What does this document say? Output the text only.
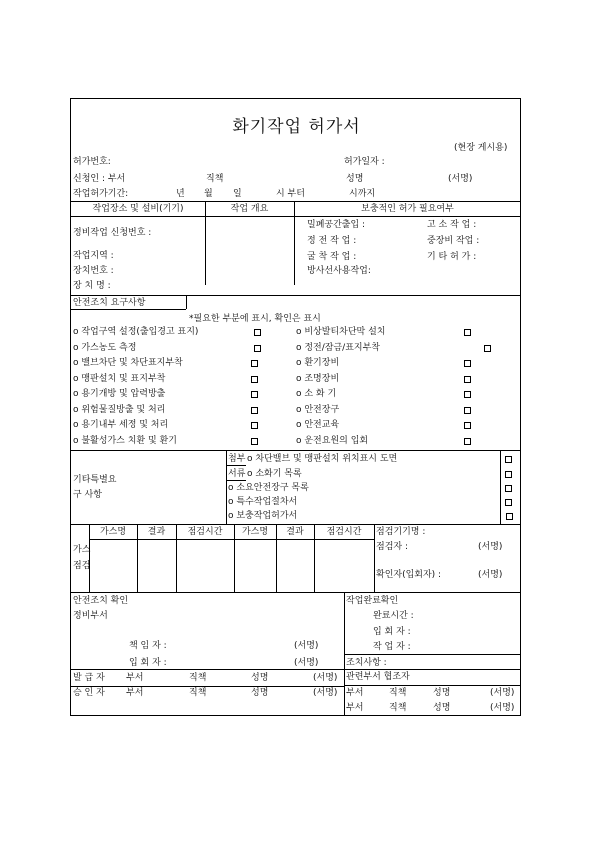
화기작업 허가서
(현장 게시용)
허가번호:	허가일자 :
신청인 : 부서	직책	성명	(서명)
작업허가기간:	년 월 일	시 부터	시까지
작업장소 및 설비(기기)	작업 개요	보충적인 허가 필요여부
정비작업 신청번호 :
작업지역 :
장치번호 :
장 치 명 :
밀폐공간출입 :
정 전 작 업 :
굴 착 작 업 :
방사선사용작업:
고 소 작 업 :
중장비 작업 :
기 타 허 가 :
안전조치 요구사항
*필요한 부분에 표시, 확인은 표시
o 작업구역 설정(출입경고 표지)	o 비상발티차단막 설치
o 가스농도 측정	o 정전/잠금/표지부착
o 밸브차단 및 차단표지부착	o 환기장비
o 맹판설치 및 표지부착	o 조명장비
o 용기개방 및 압력방출	o 소 화 기
o 위험물질방출 및 처리	o 안전장구
o 용기내부 세정 및 처리	o 안전교육
o 불활성가스 치환 및 환기	o 운전요원의 입회
기타특별요
구 사항
첨부
서류
o 차단밸브 및 맹판설치 위치표시 도면
o 소화기 목록
o 소요안전장구 목록
o 특수작업절차서
o 보충작업허가서
가스
점검
가스명	결과	점검시간	가스명	결과	점검시간	점검기기명 :
점검자 :	(서명)
확인자(입회자) :	(서명)
안전조치 확인
정비부서
책 임 자 :	(서명)
입 회 자 :	(서명)
작업완료확인
완료시간 :
입 회 자 :
작 업 자 :
조치사항 :
발 급 자 부서	직책	성명	(서명)
승 인 자 부서	직책	성명	(서명)
관련부서 협조자
부서	직책	성명	(서명)
부서	직책	성명	(서명)
